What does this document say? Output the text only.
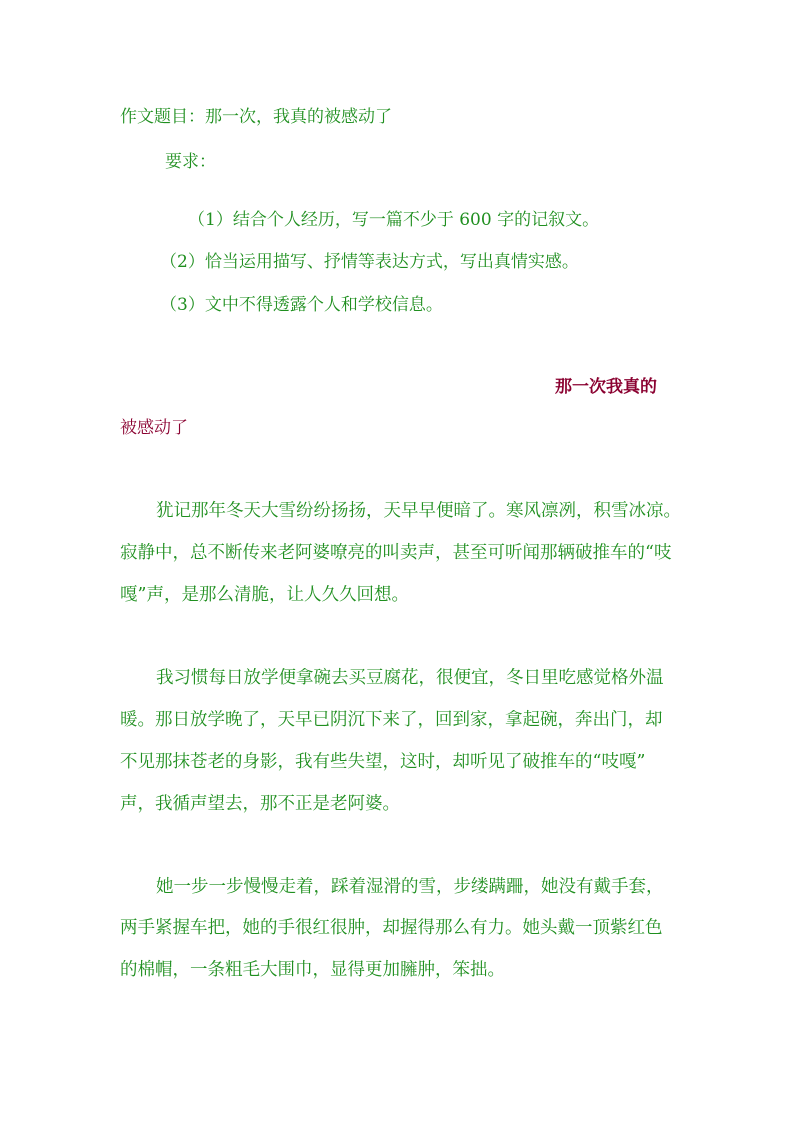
作文题目：那一次，我真的被感动了
要求：
（1）结合个人经历，写一篇不少于 600 字的记叙文。
（2）恰当运用描写、抒情等表达方式，写出真情实感。
（3）文中不得透露个人和学校信息。
那一次我真的
被感动了
犹记那年冬天大雪纷纷扬扬，天早早便暗了。寒风凛冽，积雪冰凉。
寂静中，总不断传来老阿婆嘹亮的叫卖声，甚至可听闻那辆破推车的“吱
嘎”声，是那么清脆，让人久久回想。
我习惯每日放学便拿碗去买豆腐花，很便宜，冬日里吃感觉格外温
暖。那日放学晚了，天早已阴沉下来了，回到家，拿起碗，奔出门，却
不见那抹苍老的身影，我有些失望，这时，却听见了破推车的“吱嘎”
声，我循声望去，那不正是老阿婆。
她一步一步慢慢走着，踩着湿滑的雪，步缕蹒跚，她没有戴手套，
两手紧握车把，她的手很红很肿，却握得那么有力。她头戴一顶紫红色
的棉帽，一条粗毛大围巾，显得更加臃肿，笨拙。
